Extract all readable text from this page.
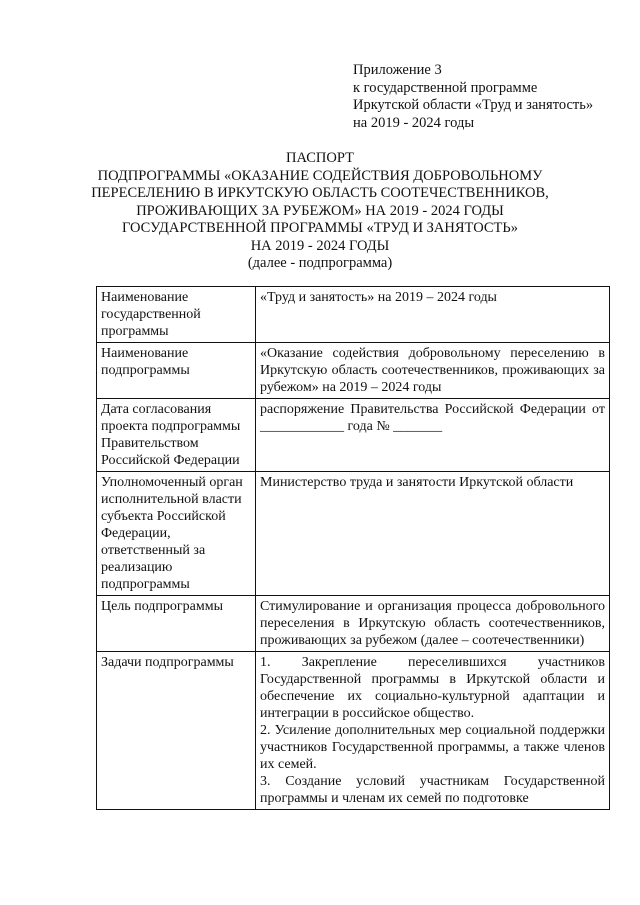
Приложение 3
к государственной программе
Иркутской области «Труд и занятость»
на 2019 - 2024 годы
ПАСПОРТ
ПОДПРОГРАММЫ «ОКАЗАНИЕ СОДЕЙСТВИЯ ДОБРОВОЛЬНОМУ
ПЕРЕСЕЛЕНИЮ В ИРКУТСКУЮ ОБЛАСТЬ СООТЕЧЕСТВЕННИКОВ,
ПРОЖИВАЮЩИХ ЗА РУБЕЖОМ» НА 2019 - 2024 ГОДЫ
ГОСУДАРСТВЕННОЙ ПРОГРАММЫ «ТРУД И ЗАНЯТОСТЬ»
НА 2019 - 2024 ГОДЫ
(далее - подпрограмма)
Наименование государственной программы	«Труд и занятость» на 2019 – 2024 годы
Наименование подпрограммы	«Оказание содействия добровольному переселению в Иркутскую область соотечественников, проживающих за рубежом» на 2019 – 2024 годы
Дата согласования проекта подпрограммы Правительством Российской Федерации	распоряжение Правительства Российской Федерации от ____________ года № _______
Уполномоченный орган исполнительной власти субъекта Российской Федерации, ответственный за реализацию подпрограммы	Министерство труда и занятости Иркутской области
Цель подпрограммы	Стимулирование и организация процесса добровольного переселения в Иркутскую область соотечественников, проживающих за рубежом (далее – соотечественники)
Задачи подпрограммы	1. Закрепление переселившихся участников Государственной программы в Иркутской области и обеспечение их социально-культурной адаптации и интеграции в российское общество.
2. Усиление дополнительных мер социальной поддержки участников Государственной программы, а также членов их семей.
3. Создание условий участникам Государственной программы и членам их семей по подготовке
